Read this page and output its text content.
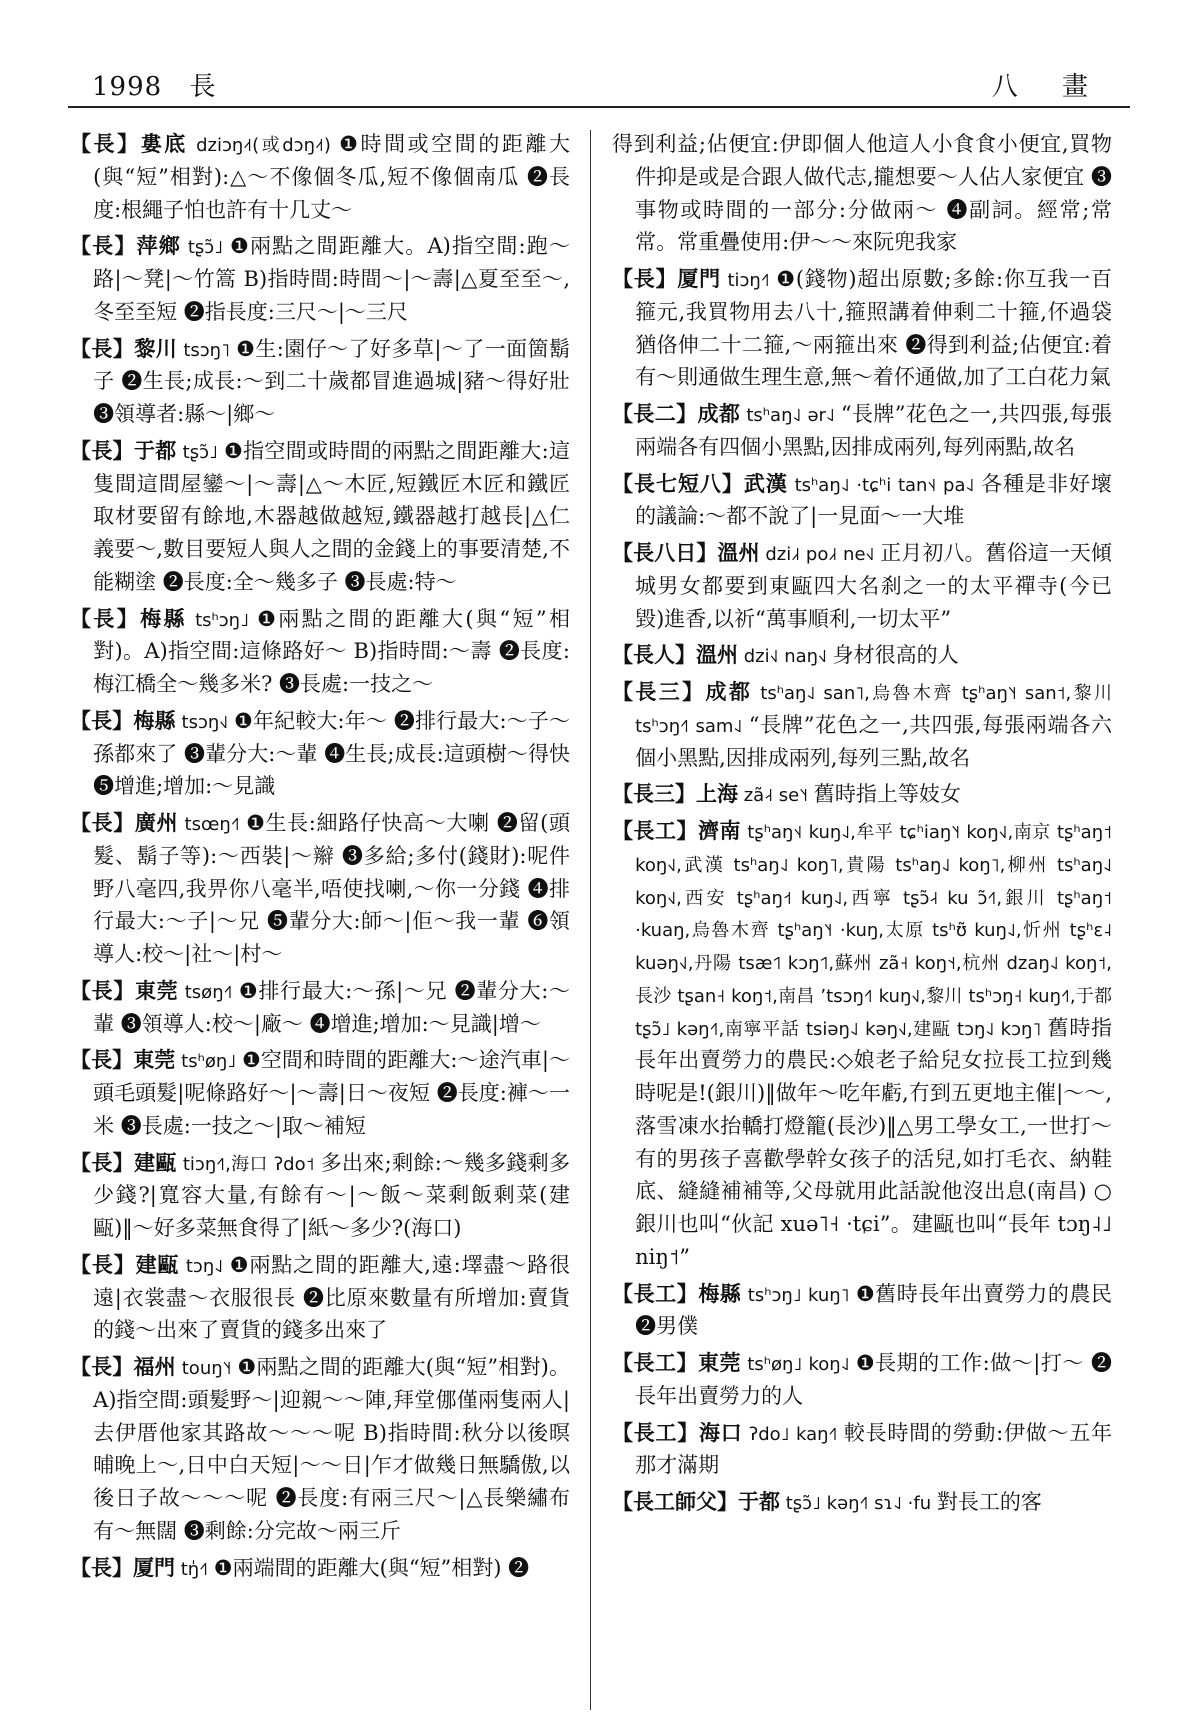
1998 長	八 畫

【長】婁底 dziɔŋ˨˦(或dɔŋ˨˦) ❶時間或空間的距離大(與“短”相對):△～不像個冬瓜,短不像個南瓜 ❷長度:根繩子怕也許有十几丈～

【長】萍鄉 tʂɔ̃˩ ❶兩點之間距離大。A)指空間:跑～路|～凳|～竹篙 B)指時間:時間～|～壽|△夏至至～,冬至至短 ❷指長度:三尺～|～三尺

【長】黎川 tsɔŋ˥ ❶生:園仔～了好多草|～了一面箇鬍子 ❷生長;成長:～到二十歲都冒進過城|豬～得好壯 ❸領導者:縣～|鄉～

【長】于都 tʂɔ̃˩ ❶指空間或時間的兩點之間距離大:這隻間這間屋鑾～|～壽|△～木匠,短鐵匠木匠和鐵匠取材要留有餘地,木器越做越短,鐵器越打越長|△仁義要～,數目要短人與人之間的金錢上的事要清楚,不能糊塗 ❷長度:全～幾多子 ❸長處:特～

【長】梅縣 tsʰɔŋ˩ ❶兩點之間的距離大(與“短”相對)。A)指空間:這條路好～ B)指時間:～壽 ❷長度:梅江橋全～幾多米? ❸長處:一技之～

【長】梅縣 tsɔŋ˧˩ ❶年紀較大:年～ ❷排行最大:～子～孫都來了 ❸輩分大:～輩 ❹生長;成長:這頭樹～得快 ❺增進;增加:～見識

【長】廣州 tsœŋ˧˥ ❶生長:細路仔快高～大喇 ❷留(頭髮、鬍子等):～西裝|～辮 ❸多給;多付(錢財):呢件野八毫四,我畀你八毫半,唔使找喇,～你一分錢 ❹排行最大:～子|～兄 ❺輩分大:師～|佢～我一輩 ❻領導人:校～|社～|村～

【長】東莞 tsøŋ˧˥ ❶排行最大:～孫|～兄 ❷輩分大:～輩 ❸領導人:校～|廠～ ❹增進;增加:～見識|增～

【長】東莞 tsʰøŋ˩ ❶空間和時間的距離大:～途汽車|～頭毛頭髮|呢條路好～|～壽|日～夜短 ❷長度:褲～一米 ❸長處:一技之～|取～補短

【長】建甌 tiɔŋ˧˥,海口 ʔdo˦ 多出來;剩餘:～幾多錢剩多少錢?|寬容大量,有餘有～|～飯～菜剩飯剩菜(建甌)‖～好多菜無食得了|紙～多少?(海口)

【長】建甌 tɔŋ˨˩ ❶兩點之間的距離大,遠:墿盡～路很遠|衣裳盡～衣服很長 ❷比原來數量有所增加:賣貨的錢～出來了賣貨的錢多出來了

【長】福州 touŋ˥˧ ❶兩點之間的距離大(與“短”相對)。A)指空間:頭髮野～|迎親～～陣,拜堂㑚僅兩隻兩人|去伊厝他家其路故～～～呢 B)指時間:秋分以後暝晡晚上～,日中白天短|～～日|乍才做幾日無驕傲,以後日子故～～～呢 ❷長度:有兩三尺～|△長樂繡布有～無闊 ❸剩餘:分完故～兩三斤

【長】厦門 tŋ̍˧˥ ❶兩端間的距離大(與“短”相對) ❷

得到利益;佔便宜:伊即個人他這人小食食小便宜,買物件抑是或是合跟人做代志,攏想要～人佔人家便宜 ❸事物或時間的一部分:分做兩～ ❹副詞。經常;常常。常重疊使用:伊～～來阮兜我家

【長】厦門 tiɔŋ˧˥ ❶(錢物)超出原數;多餘:你互我一百箍元,我買物用去八十,箍照講着伸剩二十箍,伓過袋猶佫伸二十二箍,～兩箍出來 ❷得到利益;佔便宜:着有～則通做生理生意,無～着伓通做,加了工白花力氣

【長二】成都 tsʰaŋ˨˩ ər˨˩ “長牌”花色之一,共四張,每張兩端各有四個小黑點,因排成兩列,每列兩點,故名

【長七短八】武漢 tsʰaŋ˨˩ ·tɕʰi tan˦˨ pa˨˩ 各種是非好壞的議論:～都不說了|一見面～一大堆

【長八日】溫州 dzi˩˧ po˩˧ ne˧˩ 正月初八。舊俗這一天傾城男女都要到東甌四大名刹之一的太平禪寺(今已毀)進香,以祈“萬事順利,一切太平”

【長人】溫州 dzi˧˩ naŋ˧˩ 身材很高的人

【長三】成都 tsʰaŋ˨˩ san˥,烏魯木齊 tʂʰaŋ˥˧ san˦,黎川 tsʰɔŋ˧˥ sam˨˩ “長牌”花色之一,共四張,每張兩端各六個小黑點,因排成兩列,每列三點,故名

【長三】上海 zã˨˧ se˥˧ 舊時指上等妓女

【長工】濟南 tʂʰaŋ˦˨ kuŋ˨˩,牟平 tɕʰiaŋ˥˧ koŋ˧˩,南京 tʂʰaŋ˦ koŋ˧˩,武漢 tsʰaŋ˨˩ koŋ˥,貴陽 tsʰaŋ˨˩ koŋ˥,柳州 tsʰaŋ˨˩ koŋ˧˩,西安 tʂʰaŋ˧˦ kuŋ˨˩,西寧 tʂɔ̃˨˧ ku ɔ̃˧˥,銀川 tʂʰaŋ˦ ·kuaŋ,烏魯木齊 tʂʰaŋ˥˧ ·kuŋ,太原 tsʰʊ̃ kuŋ˨˩,忻州 tʂʰɛ˨ kuəŋ˧˩,丹陽 tsæ˦˥ kɔŋ˦˥,蘇州 zã˧ koŋ˦˧,杭州 dzaŋ˨˩ koŋ˦,長沙 tʂan˧ koŋ˦,南昌 ʼtsɔŋ˧˥ kuŋ˧˩,黎川 tsʰɔŋ˧ kuŋ˧˥,于都 tʂɔ̃˩ kəŋ˧˥,南寧平話 tsiəŋ˨˩ kəŋ˧˩,建甌 tɔŋ˨˩ kɔŋ˥ 舊時指長年出賣勞力的農民:◇娘老子給兒女拉長工拉到幾時呢是!(銀川)‖做年～吃年虧,冇到五更地主催|～～,落雪凍水抬轎打燈籠(長沙)‖△男工學女工,一世打～有的男孩子喜歡學幹女孩子的活兒,如打毛衣、納鞋底、縫縫補補等,父母就用此話說他沒出息(南昌) ○銀川也叫“伙記 xuə˥˧ ·tɕi”。建甌也叫“長年 tɔŋ˨˩ niŋ˦”

【長工】梅縣 tsʰɔŋ˩ kuŋ˥ ❶舊時長年出賣勞力的農民 ❷男僕

【長工】東莞 tsʰøŋ˩ koŋ˨˩ ❶長期的工作:做～|打～ ❷長年出賣勞力的人

【長工】海口 ʔdo˩ kaŋ˧˥ 較長時間的勞動:伊做～五年那才滿期

【長工師父】于都 tʂɔ̃˩ kəŋ˧˥ sɿ˨˩ ·fu 對長工的客
